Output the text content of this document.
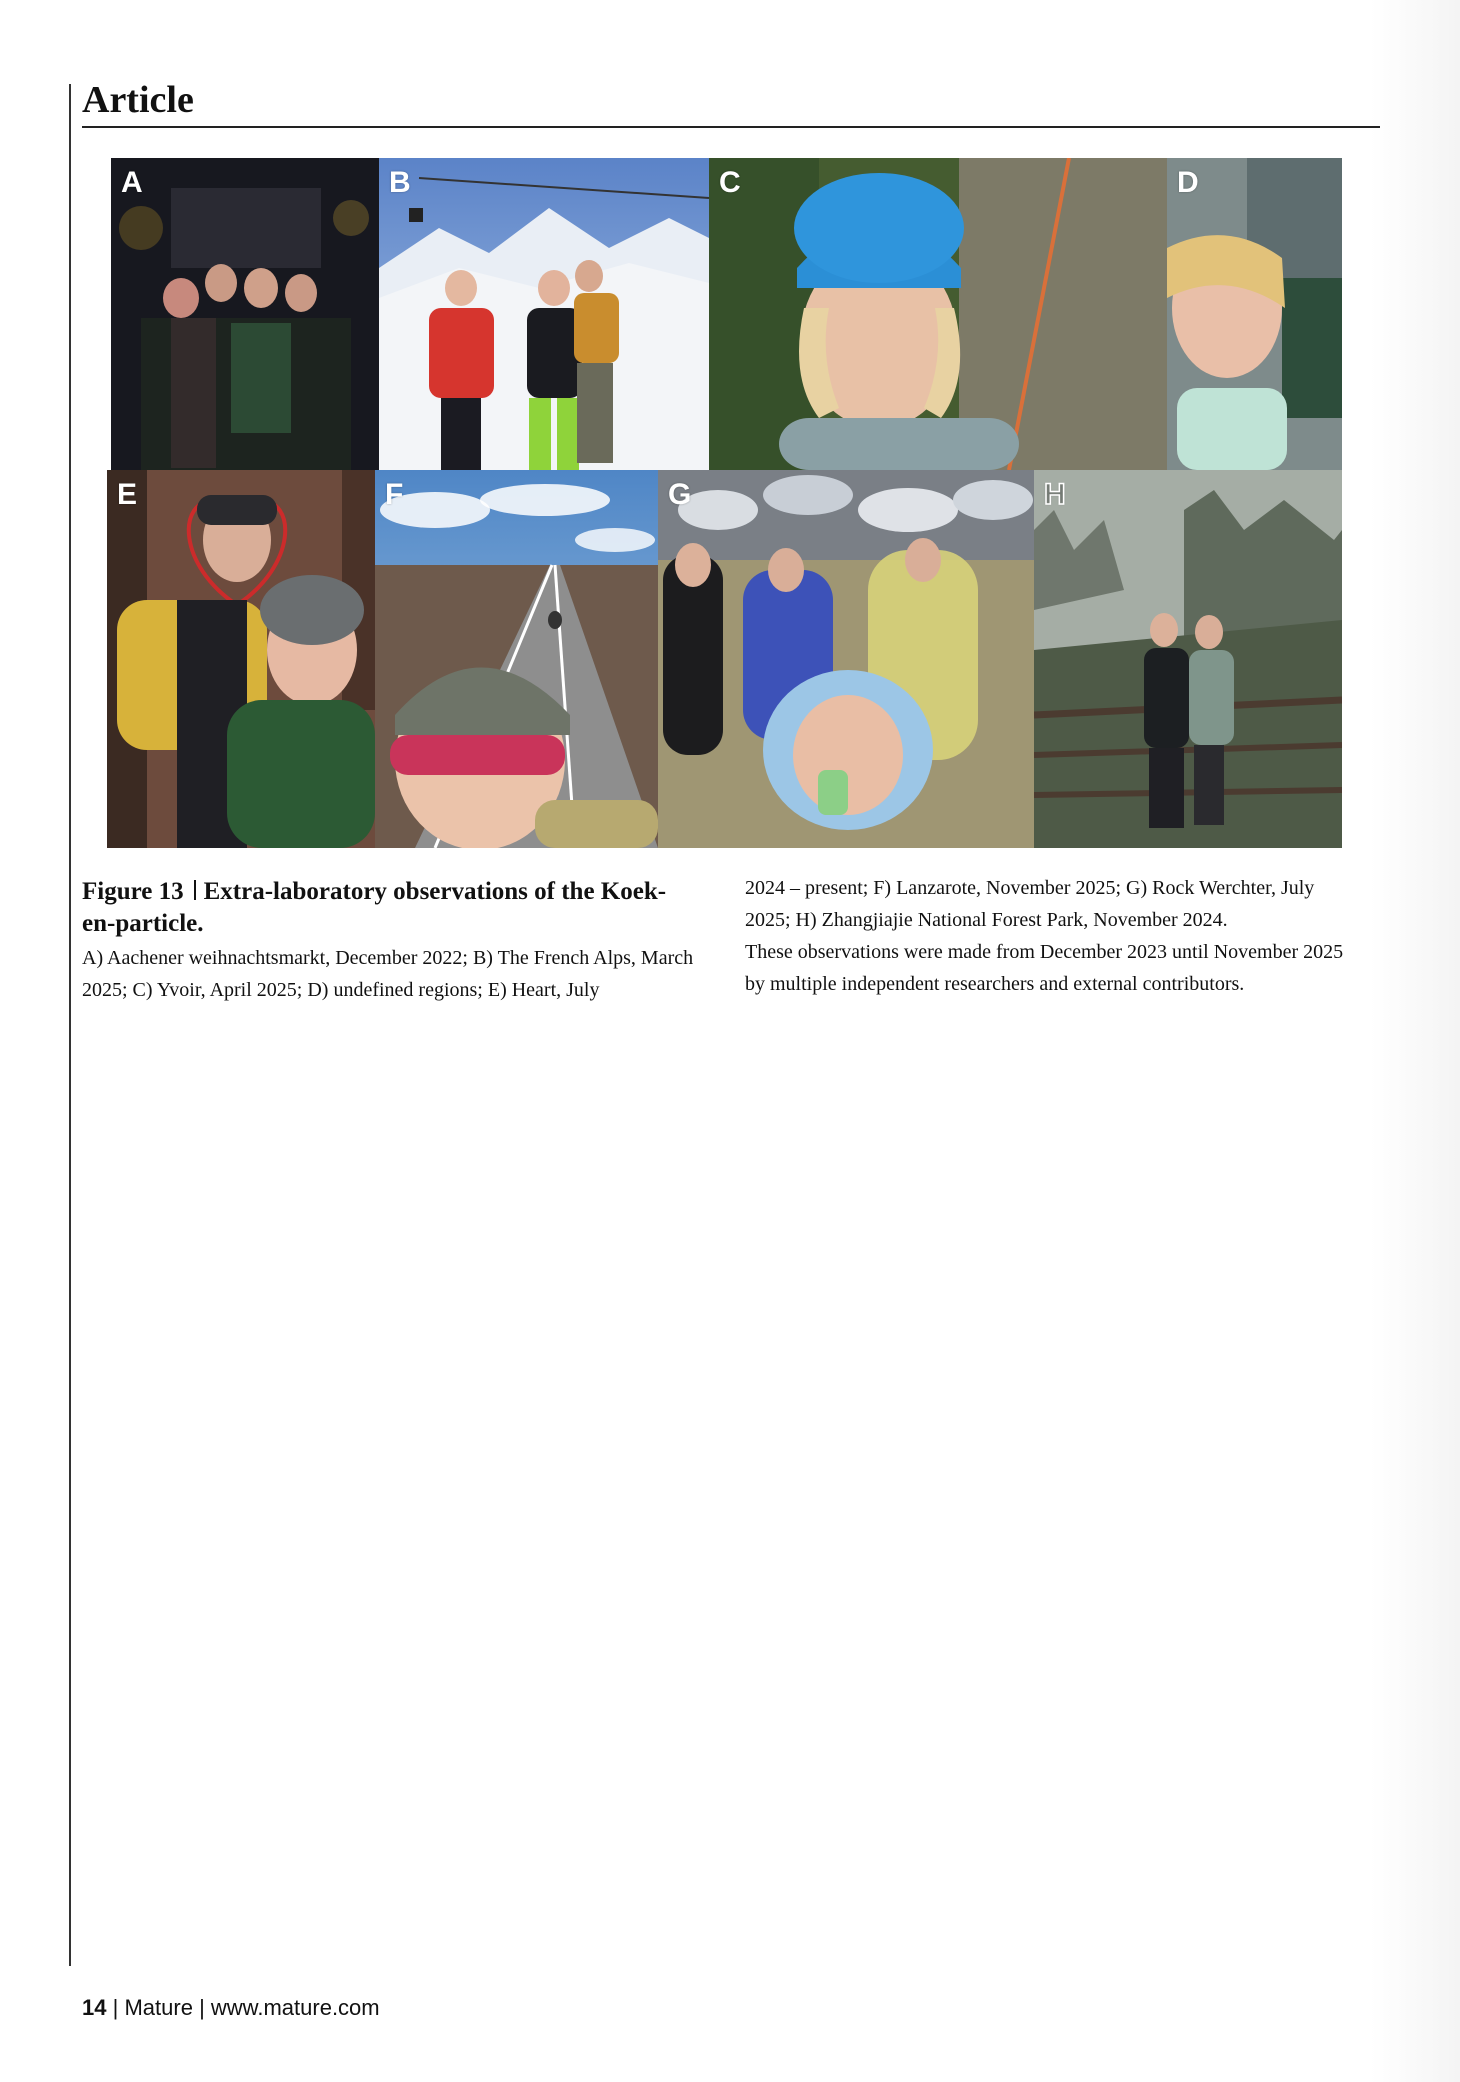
Article
A	B	C	D
E	F	G	H
Figure 13 Extra-laboratory observations of the Koek-en-particle.

A) Aachener weihnachtsmarkt, December 2022; B) The French Alps, March 2025; C) Yvoir, April 2025; D) undefined regions; E) Heart, July

2024 – present; F) Lanzarote, November 2025; G) Rock Werchter, July 2025; H) Zhangjiajie National Forest Park, November 2024.

These observations were made from December 2023 until November 2025 by multiple independent researchers and external contributors.

14 | Mature | www.mature.com
